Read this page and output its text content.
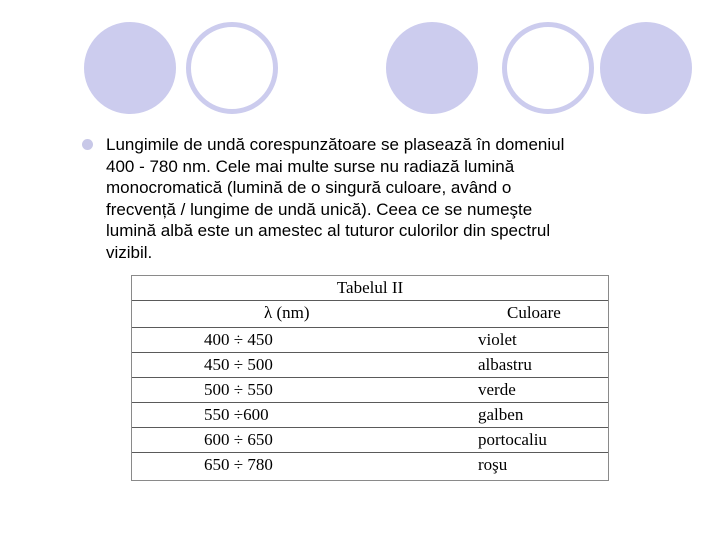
Lungimile de undă corespunzătoare se plasează în domeniul
400 - 780 nm. Cele mai multe surse nu radiază lumină
monocromatică (lumină de o singură culoare, având o
frecvență / lungime de undă unică). Ceea ce se numeşte
lumină albă este un amestec al tuturor culorilor din spectrul
vizibil.

Tabelul II
λ (nm)	Culoare
400 ÷ 450	violet
450 ÷ 500	albastru
500 ÷ 550	verde
550 ÷600	galben
600 ÷ 650	portocaliu
650 ÷ 780	roşu
